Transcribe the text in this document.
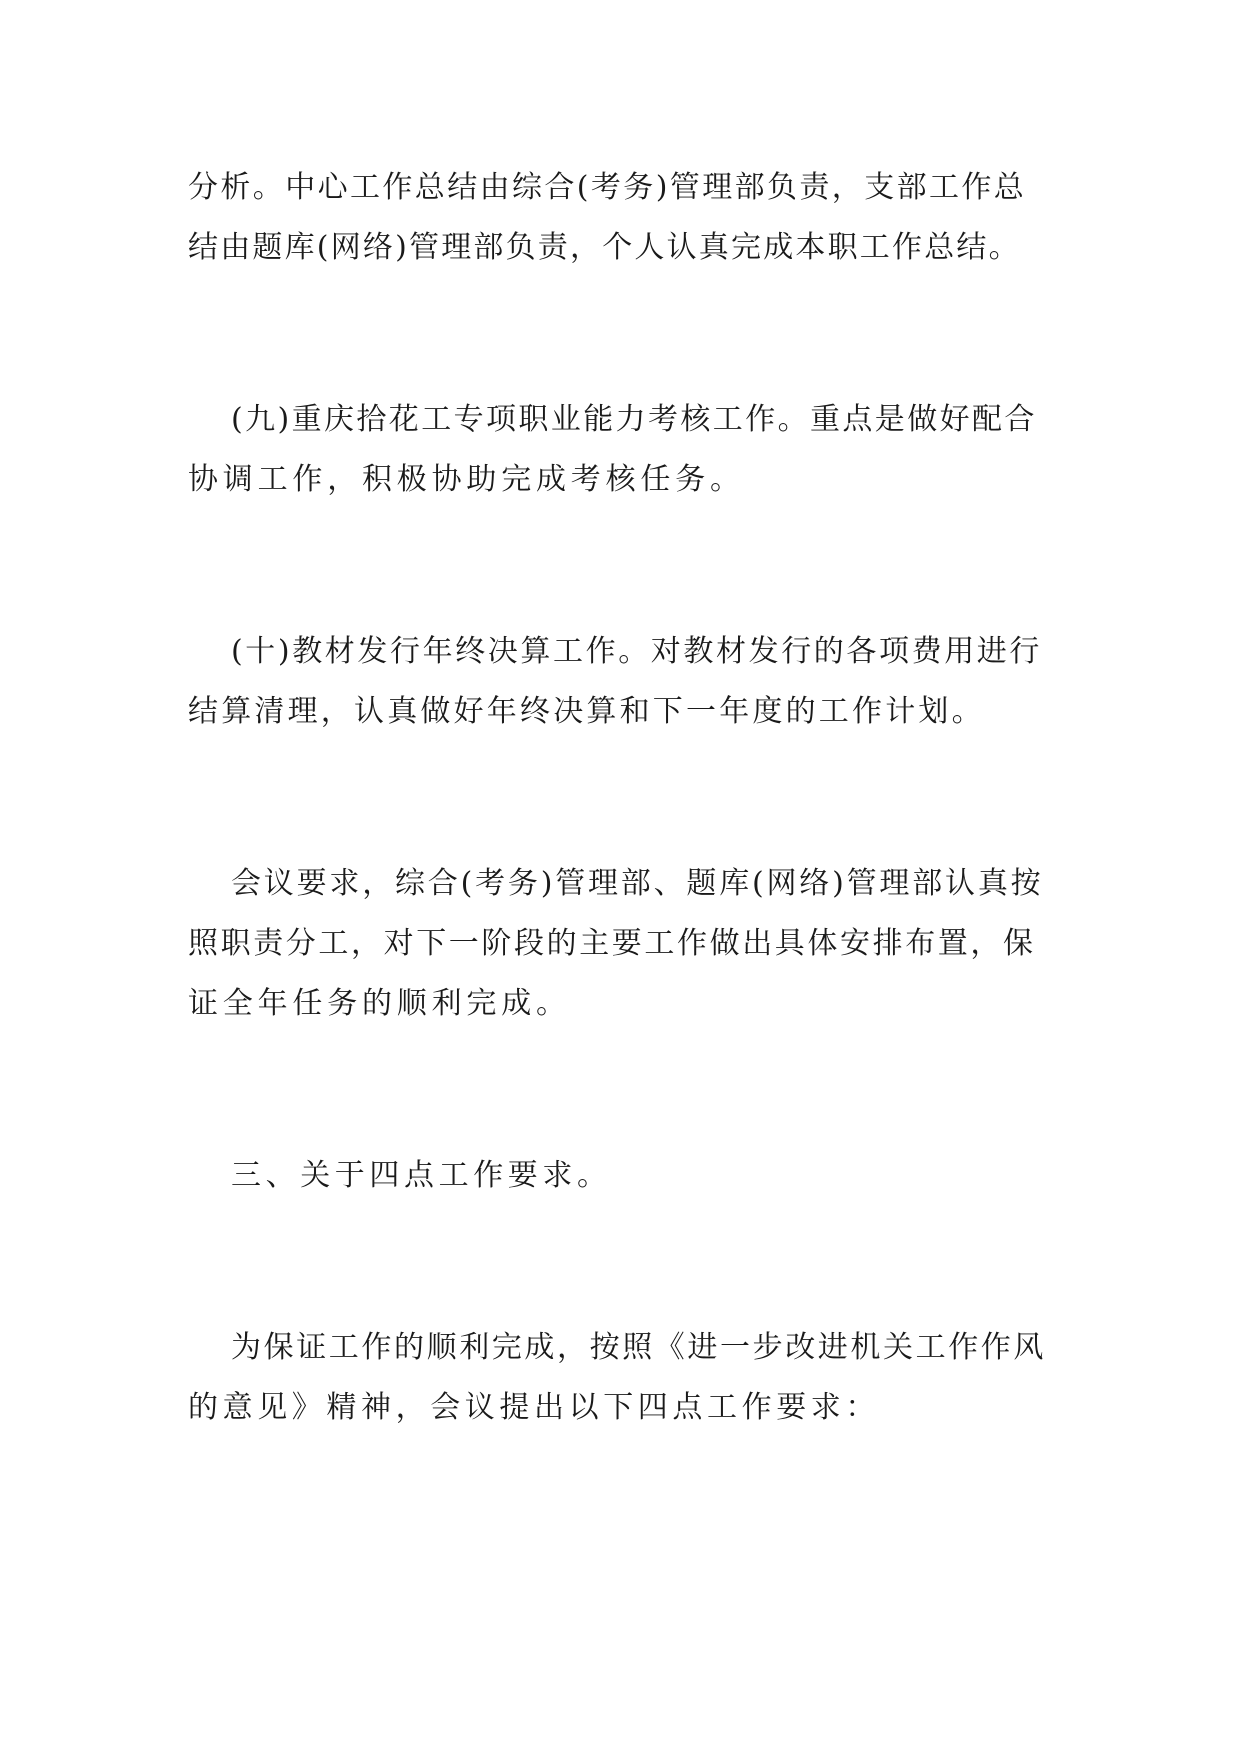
分析。中心工作总结由综合(考务)管理部负责，支部工作总
结由题库(网络)管理部负责，个人认真完成本职工作总结。
(九)重庆拾花工专项职业能力考核工作。重点是做好配合
协调工作，积极协助完成考核任务。
(十)教材发行年终决算工作。对教材发行的各项费用进行
结算清理，认真做好年终决算和下一年度的工作计划。
会议要求，综合(考务)管理部、题库(网络)管理部认真按
照职责分工，对下一阶段的主要工作做出具体安排布置，保
证全年任务的顺利完成。
三、关于四点工作要求。
为保证工作的顺利完成，按照《进一步改进机关工作作风
的意见》精神，会议提出以下四点工作要求：
